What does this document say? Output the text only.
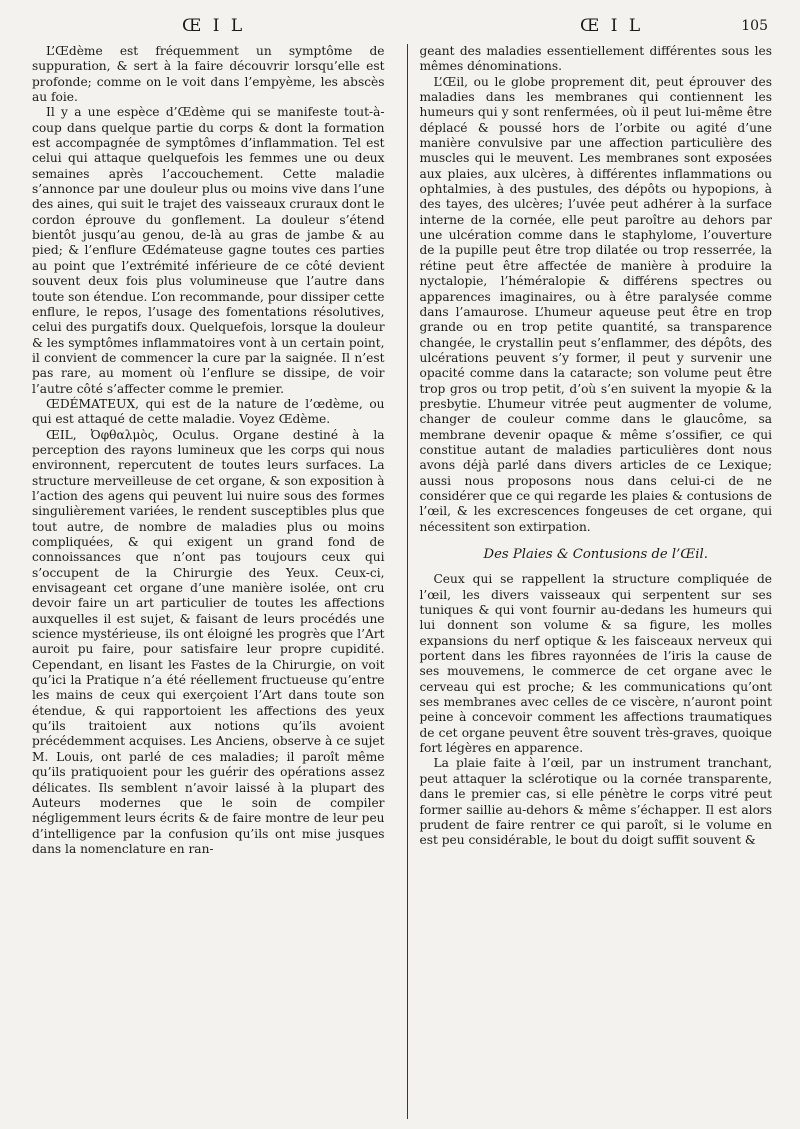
Œ I L	Œ I L	105

L’Œdème est fréquemment un symptôme de suppuration, & sert à la faire découvrir lorsqu’elle est profonde; comme on le voit dans l’empyème, les abscès au foie.

Il y a une espèce d’Œdème qui se manifeste tout-à-coup dans quelque partie du corps & dont la formation est accompagnée de symptômes d’inflammation. Tel est celui qui attaque quelquefois les femmes une ou deux semaines après l’accouchement. Cette maladie s’annonce par une douleur plus ou moins vive dans l’une des aines, qui suit le trajet des vaisseaux cruraux dont le cordon éprouve du gonflement. La douleur s’étend bientôt jusqu’au genou, de-là au gras de jambe & au pied; & l’enflure Œdémateuse gagne toutes ces parties au point que l’extrémité inférieure de ce côté devient souvent deux fois plus volumineuse que l’autre dans toute son étendue. L’on recommande, pour dissiper cette enflure, le repos, l’usage des fomentations résolutives, celui des purgatifs doux. Quelquefois, lorsque la douleur & les symptômes inflammatoires vont à un certain point, il convient de commencer la cure par la saignée. Il n’est pas rare, au moment où l’enflure se dissipe, de voir l’autre côté s’affecter comme le premier.

ŒDÉMATEUX, qui est de la nature de l’œdème, ou qui est attaqué de cette maladie. Voyez Œdème.

ŒIL, Ὀφθαλμὸς, Oculus. Organe destiné à la perception des rayons lumineux que les corps qui nous environnent, repercutent de toutes leurs surfaces. La structure merveilleuse de cet organe, & son exposition à l’action des agens qui peuvent lui nuire sous des formes singulièrement variées, le rendent susceptibles plus que tout autre, de nombre de maladies plus ou moins compliquées, & qui exigent un grand fond de connoissances que n’ont pas toujours ceux qui s’occupent de la Chirurgie des Yeux. Ceux-ci, envisageant cet organe d’une manière isolée, ont cru devoir faire un art particulier de toutes les affections auxquelles il est sujet, & faisant de leurs procédés une science mystérieuse, ils ont éloigné les progrès que l’Art auroit pu faire, pour satisfaire leur propre cupidité. Cependant, en lisant les Fastes de la Chirurgie, on voit qu’ici la Pratique n’a été réellement fructueuse qu’entre les mains de ceux qui exerçoient l’Art dans toute son étendue, & qui rapportoient les affections des yeux qu’ils traitoient aux notions qu’ils avoient précédemment acquises. Les Anciens, observe à ce sujet M. Louis, ont parlé de ces maladies; il paroît même qu’ils pratiquoient pour les guérir des opérations assez délicates. Ils semblent n’avoir laissé à la plupart des Auteurs modernes que le soin de compiler négligemment leurs écrits & de faire montre de leur peu d’intelligence par la confusion qu’ils ont mise jusques dans la nomenclature en ran-

geant des maladies essentiellement différentes sous les mêmes dénominations.

L’Œil, ou le globe proprement dit, peut éprouver des maladies dans les membranes qui contiennent les humeurs qui y sont renfermées, où il peut lui-même être déplacé & poussé hors de l’orbite ou agité d’une manière convulsive par une affection particulière des muscles qui le meuvent. Les membranes sont exposées aux plaies, aux ulcères, à différentes inflammations ou ophtalmies, à des pustules, des dépôts ou hypopions, à des tayes, des ulcères; l’uvée peut adhérer à la surface interne de la cornée, elle peut paroître au dehors par une ulcération comme dans le staphylome, l’ouverture de la pupille peut être trop dilatée ou trop resserrée, la rétine peut être affectée de manière à produire la nyctalopie, l’héméralopie & différens spectres ou apparences imaginaires, ou à être paralysée comme dans l’amaurose. L’humeur aqueuse peut être en trop grande ou en trop petite quantité, sa transparence changée, le crystallin peut s’enflammer, des dépôts, des ulcérations peuvent s’y former, il peut y survenir une opacité comme dans la cataracte; son volume peut être trop gros ou trop petit, d’où s’en suivent la myopie & la presbytie. L’humeur vitrée peut augmenter de volume, changer de couleur comme dans le glaucôme, sa membrane devenir opaque & même s’ossifier, ce qui constitue autant de maladies particulières dont nous avons déjà parlé dans divers articles de ce Lexique; aussi nous proposons nous dans celui-ci de ne considérer que ce qui regarde les plaies & contusions de l’œil, & les excrescences fongeuses de cet organe, qui nécessitent son extirpation.

Des Plaies & Contusions de l’Œil.

Ceux qui se rappellent la structure compliquée de l’œil, les divers vaisseaux qui serpentent sur ses tuniques & qui vont fournir au-dedans les humeurs qui lui donnent son volume & sa figure, les molles expansions du nerf optique & les faisceaux nerveux qui portent dans les fibres rayonnées de l’iris la cause de ses mouvemens, le commerce de cet organe avec le cerveau qui est proche; & les communications qu’ont ses membranes avec celles de ce viscère, n’auront point peine à concevoir comment les affections traumatiques de cet organe peuvent être souvent très-graves, quoique fort légères en apparence.

La plaie faite à l’œil, par un instrument tranchant, peut attaquer la sclérotique ou la cornée transparente, dans le premier cas, si elle pénètre le corps vitré peut former saillie au-dehors & même s’échapper. Il est alors prudent de faire rentrer ce qui paroît, si le volume en est peu considérable, le bout du doigt suffit souvent &
